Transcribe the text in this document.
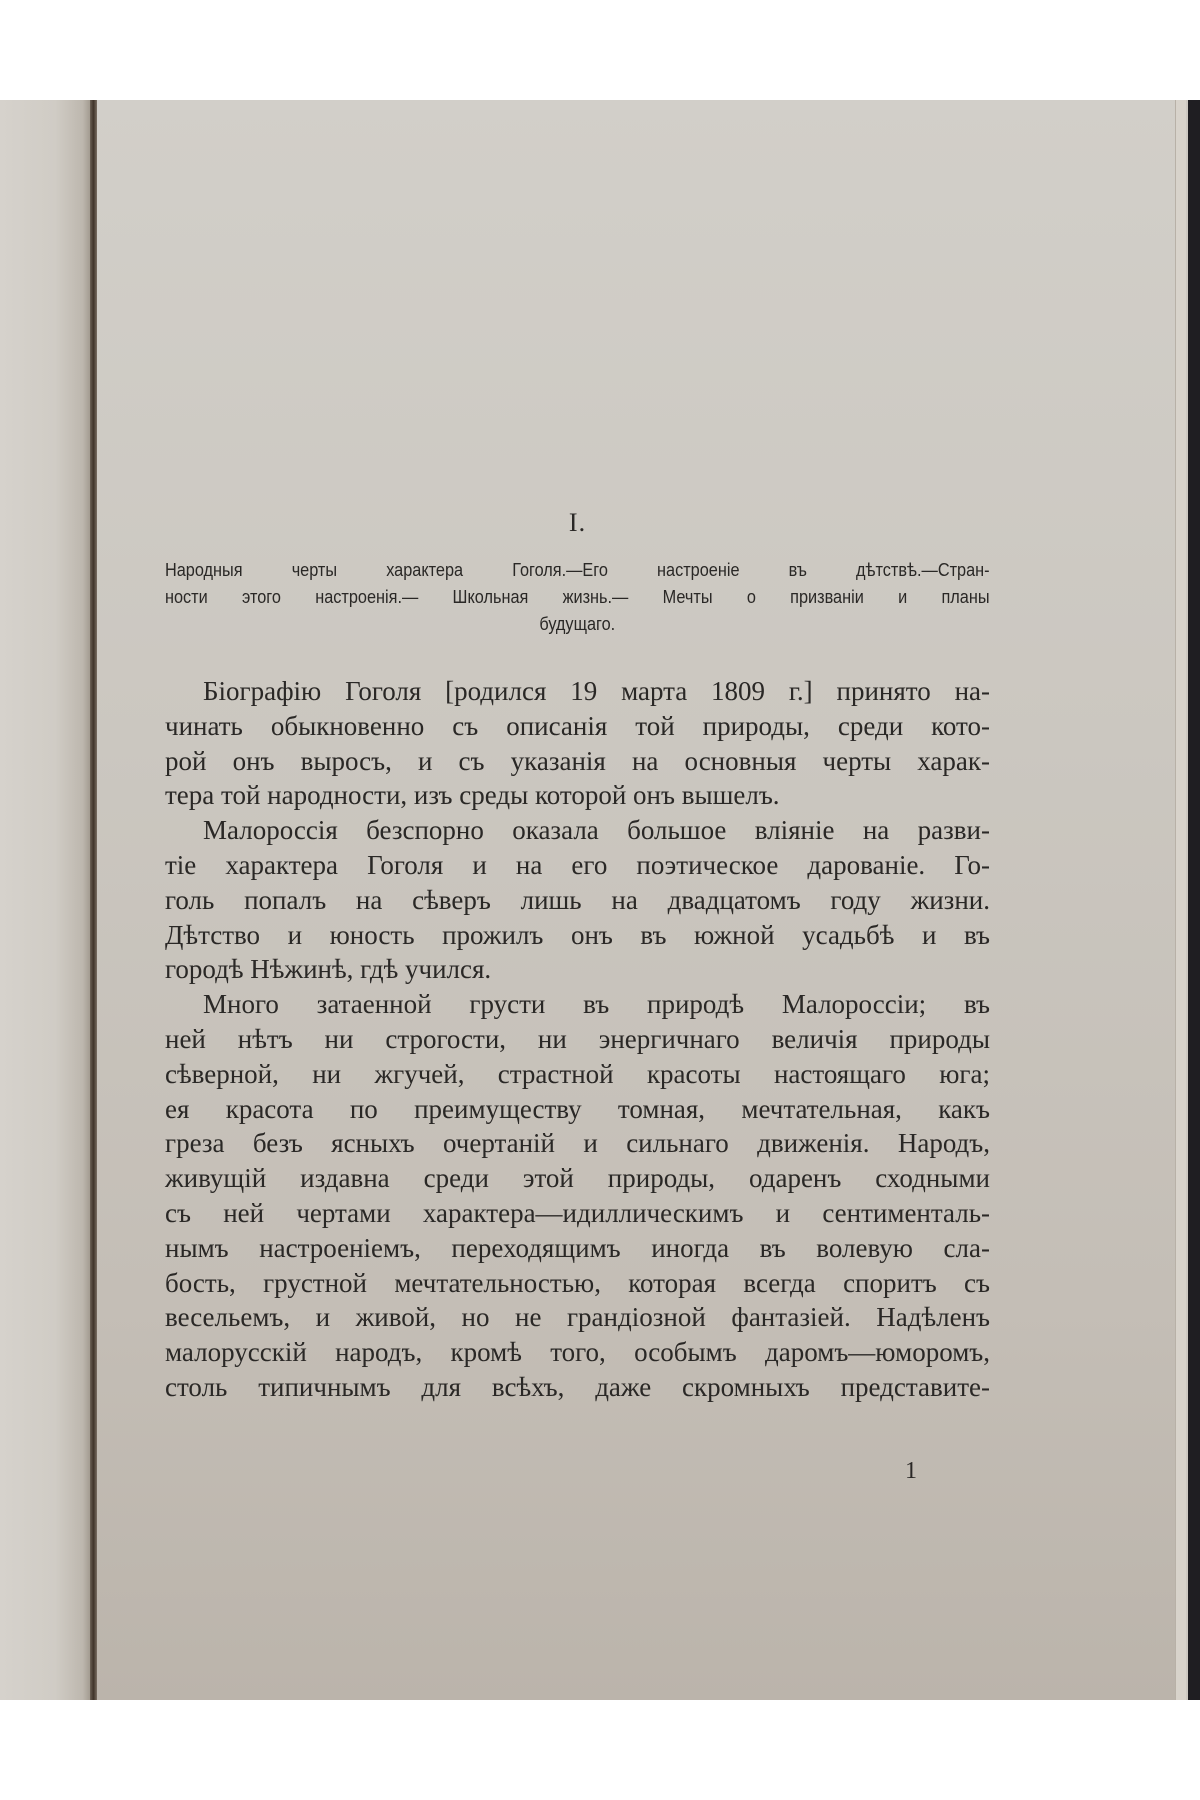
I.
Народныя черты характера Гоголя.—Его настроеніе въ дѣтствѣ.—Стран-
ности этого настроенія.— Школьная жизнь.— Мечты о призваніи и планы
будущаго.
Біографію Гоголя [родился 19 марта 1809 г.] принято на-
чинать обыкновенно съ описанія той природы, среди кото-
рой онъ выросъ, и съ указанія на основныя черты харак-
тера той народности, изъ среды которой онъ вышелъ.
Малороссія безспорно оказала большое вліяніе на разви-
тіе характера Гоголя и на его поэтическое дарованіе. Го-
голь попалъ на сѣверъ лишь на двадцатомъ году жизни.
Дѣтство и юность прожилъ онъ въ южной усадьбѣ и въ
городѣ Нѣжинѣ, гдѣ учился.
Много затаенной грусти въ природѣ Малороссіи; въ
ней нѣтъ ни строгости, ни энергичнаго величія природы
сѣверной, ни жгучей, страстной красоты настоящаго юга;
ея красота по преимуществу томная, мечтательная, какъ
греза безъ ясныхъ очертаній и сильнаго движенія. Народъ,
живущій издавна среди этой природы, одаренъ сходными
съ ней чертами характера—идиллическимъ и сентименталь-
нымъ настроеніемъ, переходящимъ иногда въ волевую сла-
бость, грустной мечтательностью, которая всегда споритъ съ
весельемъ, и живой, но не грандіозной фантазіей. Надѣленъ
малорусскій народъ, кромѣ того, особымъ даромъ—юморомъ,
столь типичнымъ для всѣхъ, даже скромныхъ представите-
1
